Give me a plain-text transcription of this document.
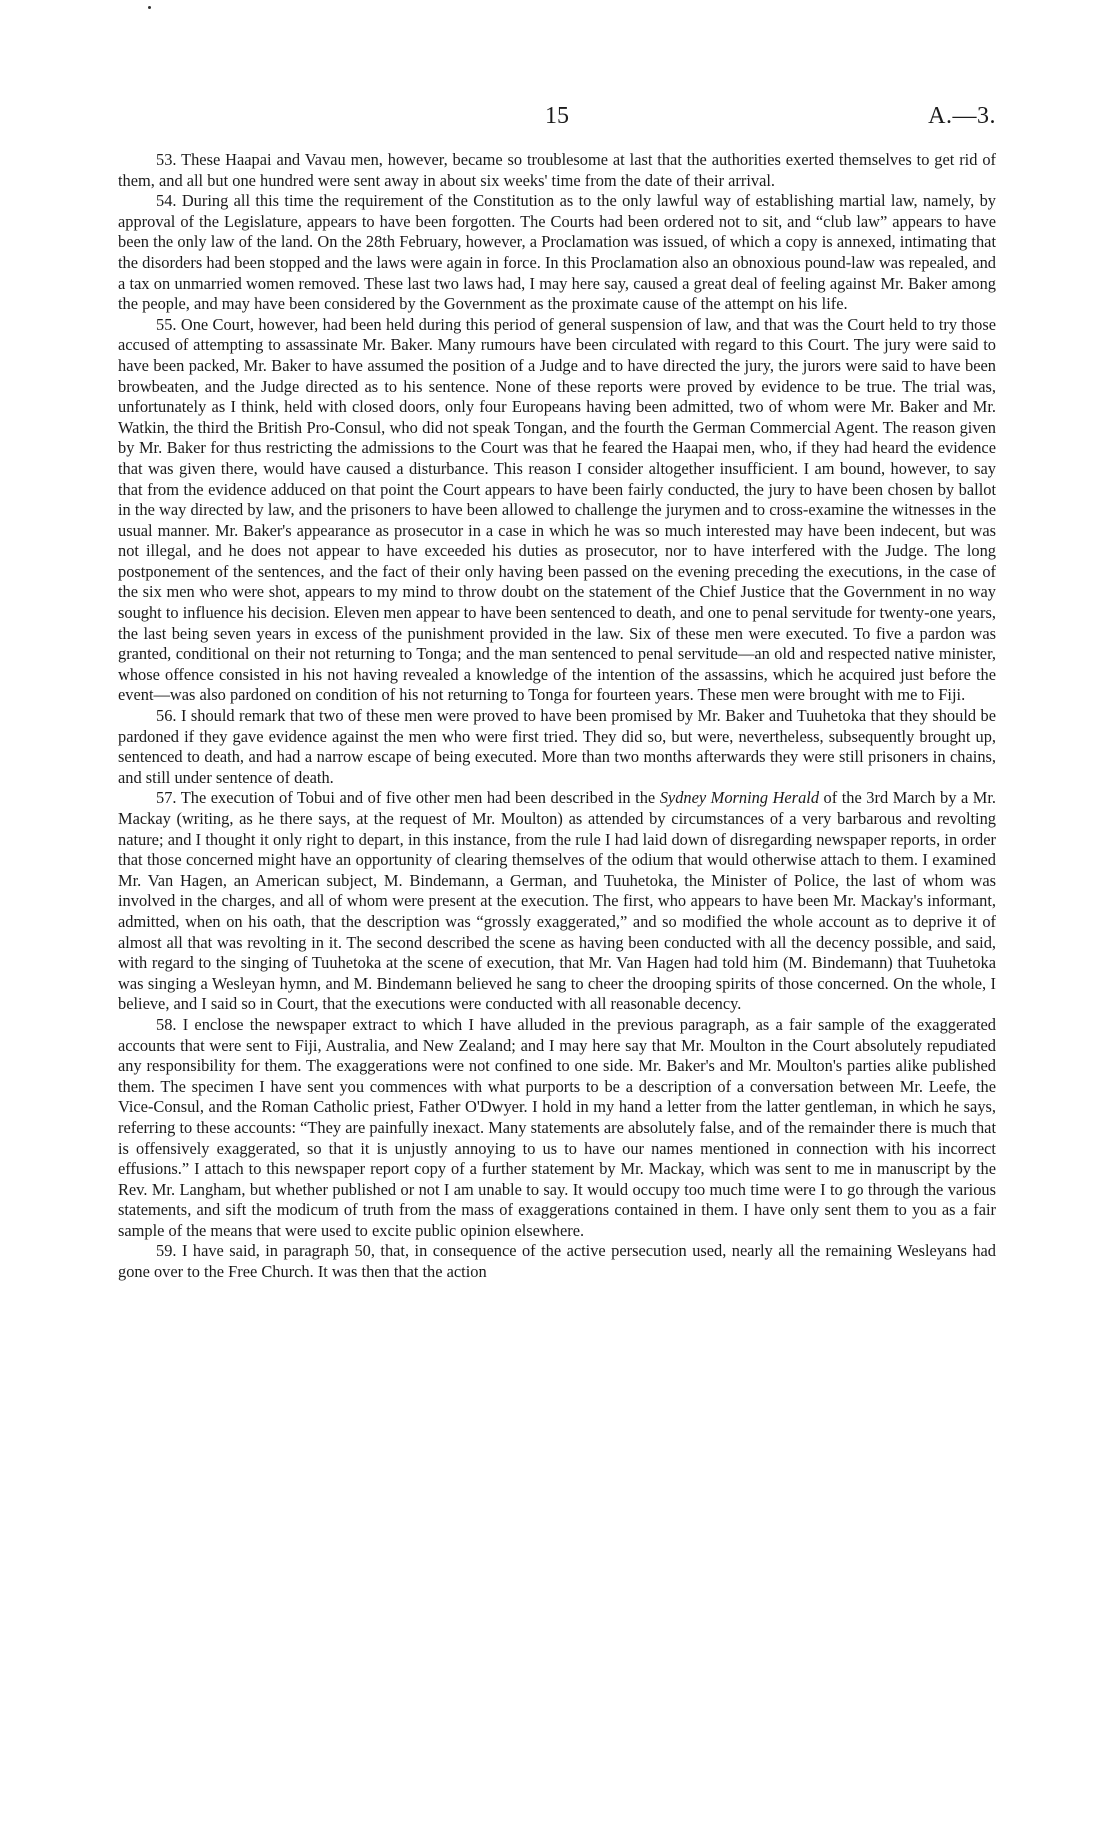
15	A.—3.

53. These Haapai and Vavau men, however, became so troublesome at last that the authorities exerted themselves to get rid of them, and all but one hundred were sent away in about six weeks' time from the date of their arrival.

54. During all this time the requirement of the Constitution as to the only lawful way of establishing martial law, namely, by approval of the Legislature, appears to have been forgotten. The Courts had been ordered not to sit, and “club law” appears to have been the only law of the land. On the 28th February, however, a Proclamation was issued, of which a copy is annexed, intimating that the disorders had been stopped and the laws were again in force. In this Proclamation also an obnoxious pound-law was repealed, and a tax on unmarried women removed. These last two laws had, I may here say, caused a great deal of feeling against Mr. Baker among the people, and may have been considered by the Government as the proximate cause of the attempt on his life.

55. One Court, however, had been held during this period of general suspension of law, and that was the Court held to try those accused of attempting to assassinate Mr. Baker. Many rumours have been circulated with regard to this Court. The jury were said to have been packed, Mr. Baker to have assumed the position of a Judge and to have directed the jury, the jurors were said to have been browbeaten, and the Judge directed as to his sentence. None of these reports were proved by evidence to be true. The trial was, unfortunately as I think, held with closed doors, only four Europeans having been admitted, two of whom were Mr. Baker and Mr. Watkin, the third the British Pro-Consul, who did not speak Tongan, and the fourth the German Commercial Agent. The reason given by Mr. Baker for thus restricting the admissions to the Court was that he feared the Haapai men, who, if they had heard the evidence that was given there, would have caused a disturbance. This reason I consider altogether insufficient. I am bound, however, to say that from the evidence adduced on that point the Court appears to have been fairly conducted, the jury to have been chosen by ballot in the way directed by law, and the prisoners to have been allowed to challenge the jurymen and to cross-examine the witnesses in the usual manner. Mr. Baker's appearance as prosecutor in a case in which he was so much interested may have been indecent, but was not illegal, and he does not appear to have exceeded his duties as prosecutor, nor to have interfered with the Judge. The long postponement of the sentences, and the fact of their only having been passed on the evening preceding the executions, in the case of the six men who were shot, appears to my mind to throw doubt on the statement of the Chief Justice that the Government in no way sought to influence his decision. Eleven men appear to have been sentenced to death, and one to penal servitude for twenty-one years, the last being seven years in excess of the punishment provided in the law. Six of these men were executed. To five a pardon was granted, conditional on their not returning to Tonga; and the man sentenced to penal servitude—an old and respected native minister, whose offence consisted in his not having revealed a knowledge of the intention of the assassins, which he acquired just before the event—was also pardoned on condition of his not returning to Tonga for fourteen years. These men were brought with me to Fiji.

56. I should remark that two of these men were proved to have been promised by Mr. Baker and Tuuhetoka that they should be pardoned if they gave evidence against the men who were first tried. They did so, but were, nevertheless, subsequently brought up, sentenced to death, and had a narrow escape of being executed. More than two months afterwards they were still prisoners in chains, and still under sentence of death.

57. The execution of Tobui and of five other men had been described in the Sydney Morning Herald of the 3rd March by a Mr. Mackay (writing, as he there says, at the request of Mr. Moulton) as attended by circumstances of a very barbarous and revolting nature; and I thought it only right to depart, in this instance, from the rule I had laid down of disregarding newspaper reports, in order that those concerned might have an opportunity of clearing themselves of the odium that would otherwise attach to them. I examined Mr. Van Hagen, an American subject, M. Bindemann, a German, and Tuuhetoka, the Minister of Police, the last of whom was involved in the charges, and all of whom were present at the execution. The first, who appears to have been Mr. Mackay's informant, admitted, when on his oath, that the description was “grossly exaggerated,” and so modified the whole account as to deprive it of almost all that was revolting in it. The second described the scene as having been conducted with all the decency possible, and said, with regard to the singing of Tuuhetoka at the scene of execution, that Mr. Van Hagen had told him (M. Bindemann) that Tuuhetoka was singing a Wesleyan hymn, and M. Bindemann believed he sang to cheer the drooping spirits of those concerned. On the whole, I believe, and I said so in Court, that the executions were conducted with all reasonable decency.

58. I enclose the newspaper extract to which I have alluded in the previous paragraph, as a fair sample of the exaggerated accounts that were sent to Fiji, Australia, and New Zealand; and I may here say that Mr. Moulton in the Court absolutely repudiated any responsibility for them. The exaggerations were not confined to one side. Mr. Baker's and Mr. Moulton's parties alike published them. The specimen I have sent you commences with what purports to be a description of a conversation between Mr. Leefe, the Vice-Consul, and the Roman Catholic priest, Father O'Dwyer. I hold in my hand a letter from the latter gentleman, in which he says, referring to these accounts: “They are painfully inexact. Many statements are absolutely false, and of the remainder there is much that is offensively exaggerated, so that it is unjustly annoying to us to have our names mentioned in connection with his incorrect effusions.” I attach to this newspaper report copy of a further statement by Mr. Mackay, which was sent to me in manuscript by the Rev. Mr. Langham, but whether published or not I am unable to say. It would occupy too much time were I to go through the various statements, and sift the modicum of truth from the mass of exaggerations contained in them. I have only sent them to you as a fair sample of the means that were used to excite public opinion elsewhere.

59. I have said, in paragraph 50, that, in consequence of the active persecution used, nearly all the remaining Wesleyans had gone over to the Free Church. It was then that the action
